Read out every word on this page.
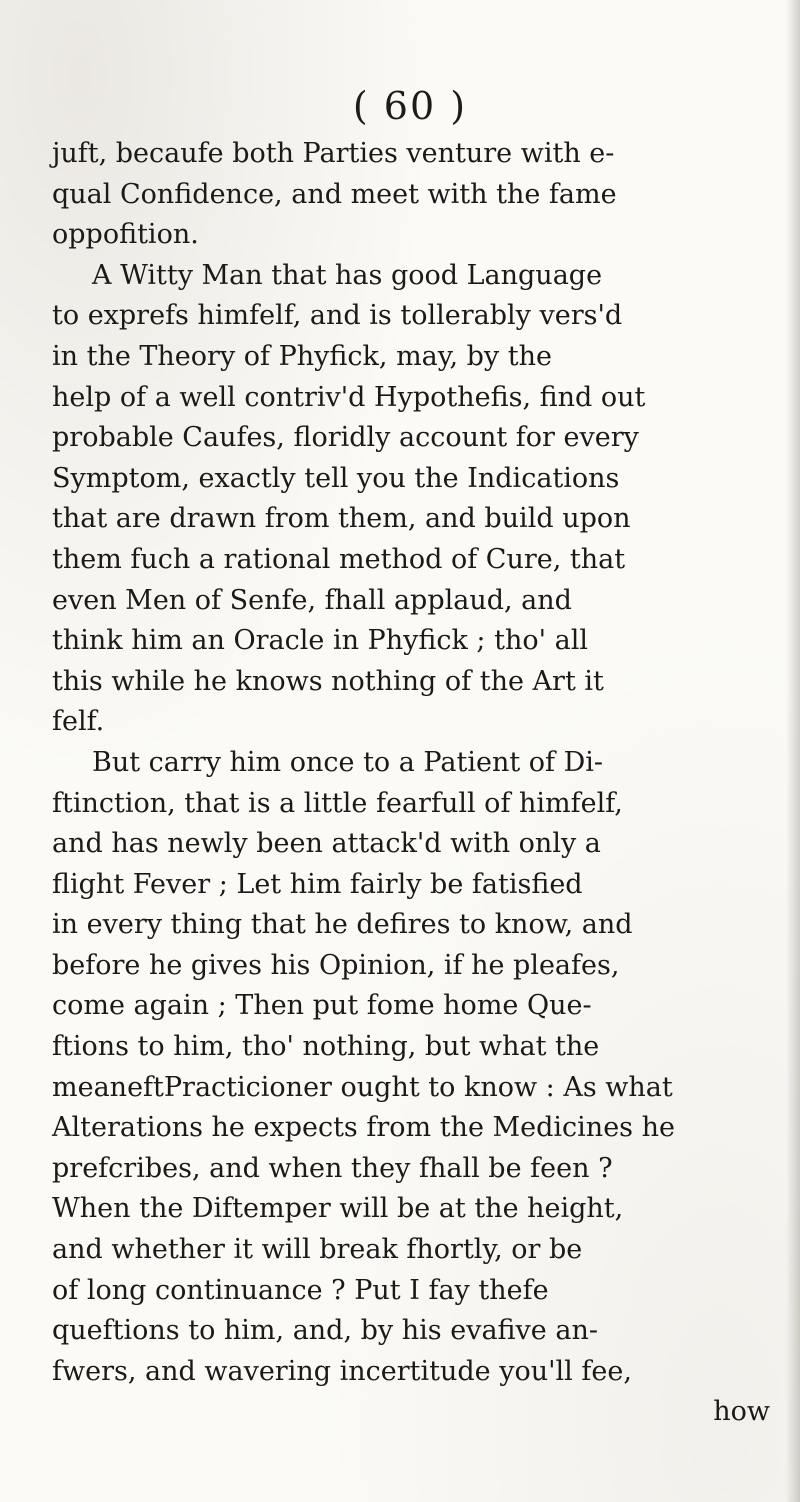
( 60 )
juft, becaufe both Parties venture with e-
qual Confidence, and meet with the fame
oppofition.
A Witty Man that has good Language
to exprefs himfelf, and is tollerably vers'd
in the Theory of Phyfick, may, by the
help of a well contriv'd Hypothefis, find out
probable Caufes, floridly account for every
Symptom, exactly tell you the Indications
that are drawn from them, and build upon
them fuch a rational method of Cure, that
even Men of Senfe, fhall applaud, and
think him an Oracle in Phyfick ; tho' all
this while he knows nothing of the Art it
felf.
But carry him once to a Patient of Di-
ftinction, that is a little fearfull of himfelf,
and has newly been attack'd with only a
flight Fever ; Let him fairly be fatisfied
in every thing that he defires to know, and
before he gives his Opinion, if he pleafes,
come again ; Then put fome home Que-
ftions to him, tho' nothing, but what the
meaneftPracticioner ought to know : As what
Alterations he expects from the Medicines he
prefcribes, and when they fhall be feen ?
When the Diftemper will be at the height,
and whether it will break fhortly, or be
of long continuance ? Put I fay thefe
queftions to him, and, by his evafive an-
fwers, and wavering incertitude you'll fee,
how
